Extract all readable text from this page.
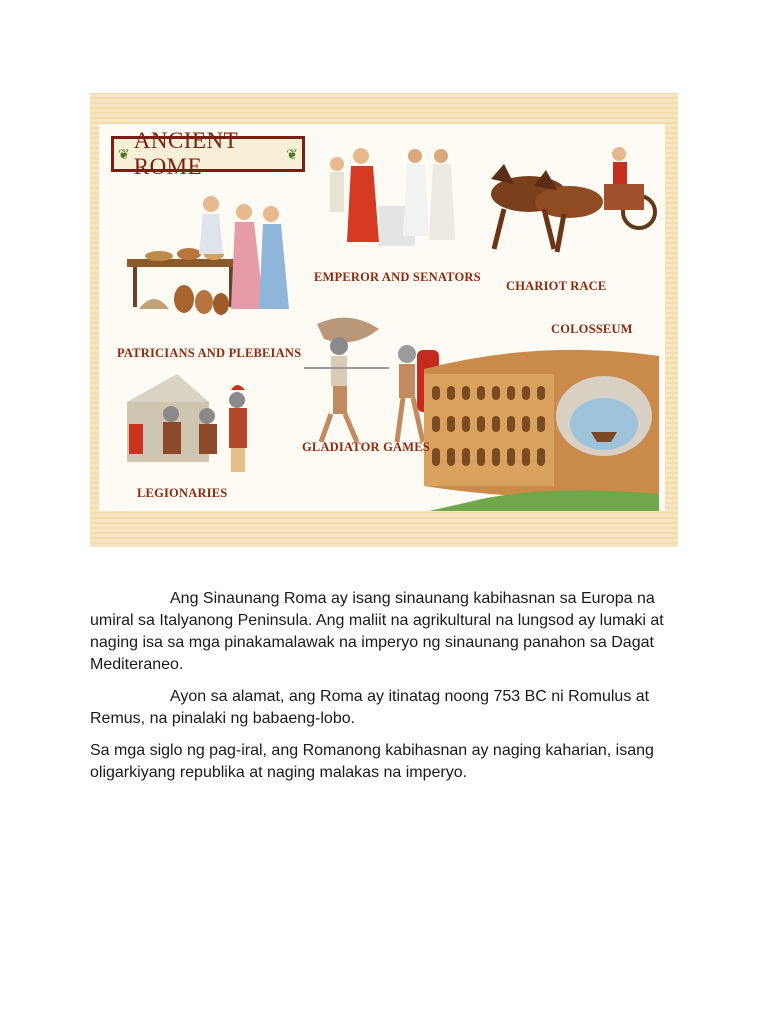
❦
ANCIENT ROME
❦
EMPEROR AND SENATORS
CHARIOT RACE
PATRICIANS AND PLEBEIANS
COLOSSEUM
GLADIATOR GAMES
LEGIONARIES

Ang Sinaunang Roma ay isang sinaunang kabihasnan sa Europa na umiral sa Italyanong Peninsula. Ang maliit na agrikultural na lungsod ay lumaki at naging isa sa mga pinakamalawak na imperyo ng sinaunang panahon sa Dagat Mediteraneo.

Ayon sa alamat, ang Roma ay itinatag noong 753 BC ni Romulus at Remus, na pinalaki ng babaeng-lobo.

Sa mga siglo ng pag-iral, ang Romanong kabihasnan ay naging kaharian, isang oligarkiyang republika at naging malakas na imperyo.
